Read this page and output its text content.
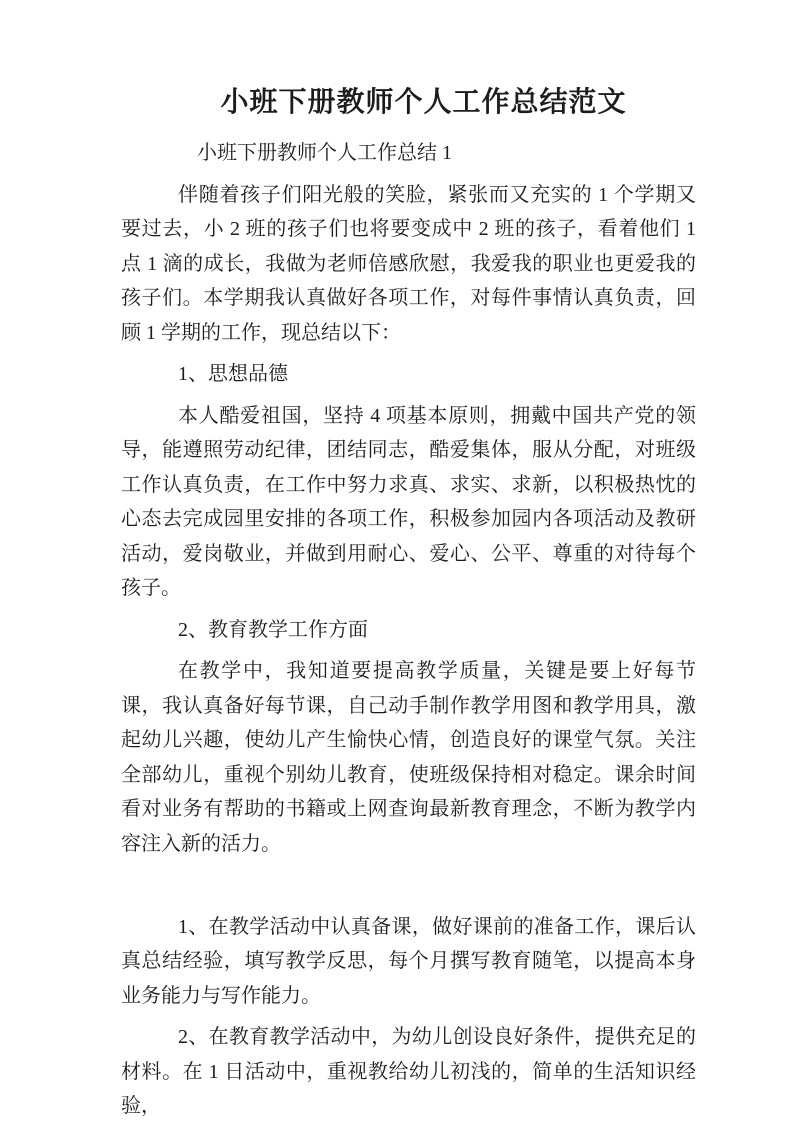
小班下册教师个人工作总结范文

小班下册教师个人工作总结 1

伴随着孩子们阳光般的笑脸，紧张而又充实的 1 个学期又要过去，小 2 班的孩子们也将要变成中 2 班的孩子，看着他们 1 点 1 滴的成长，我做为老师倍感欣慰，我爱我的职业也更爱我的孩子们。本学期我认真做好各项工作，对每件事情认真负责，回顾 1 学期的工作，现总结以下：

1、思想品德

本人酷爱祖国，坚持 4 项基本原则，拥戴中国共产党的领导，能遵照劳动纪律，团结同志，酷爱集体，服从分配，对班级工作认真负责，在工作中努力求真、求实、求新，以积极热忱的心态去完成园里安排的各项工作，积极参加园内各项活动及教研活动，爱岗敬业，并做到用耐心、爱心、公平、尊重的对待每个孩子。

2、教育教学工作方面

在教学中，我知道要提高教学质量，关键是要上好每节课，我认真备好每节课，自己动手制作教学用图和教学用具，激起幼儿兴趣，使幼儿产生愉快心情，创造良好的课堂气氛。关注全部幼儿，重视个别幼儿教育，使班级保持相对稳定。课余时间看对业务有帮助的书籍或上网查询最新教育理念，不断为教学内容注入新的活力。

1、在教学活动中认真备课，做好课前的准备工作，课后认真总结经验，填写教学反思，每个月撰写教育随笔，以提高本身业务能力与写作能力。

2、在教育教学活动中，为幼儿创设良好条件，提供充足的材料。在 1 日活动中，重视教给幼儿初浅的，简单的生活知识经验，
